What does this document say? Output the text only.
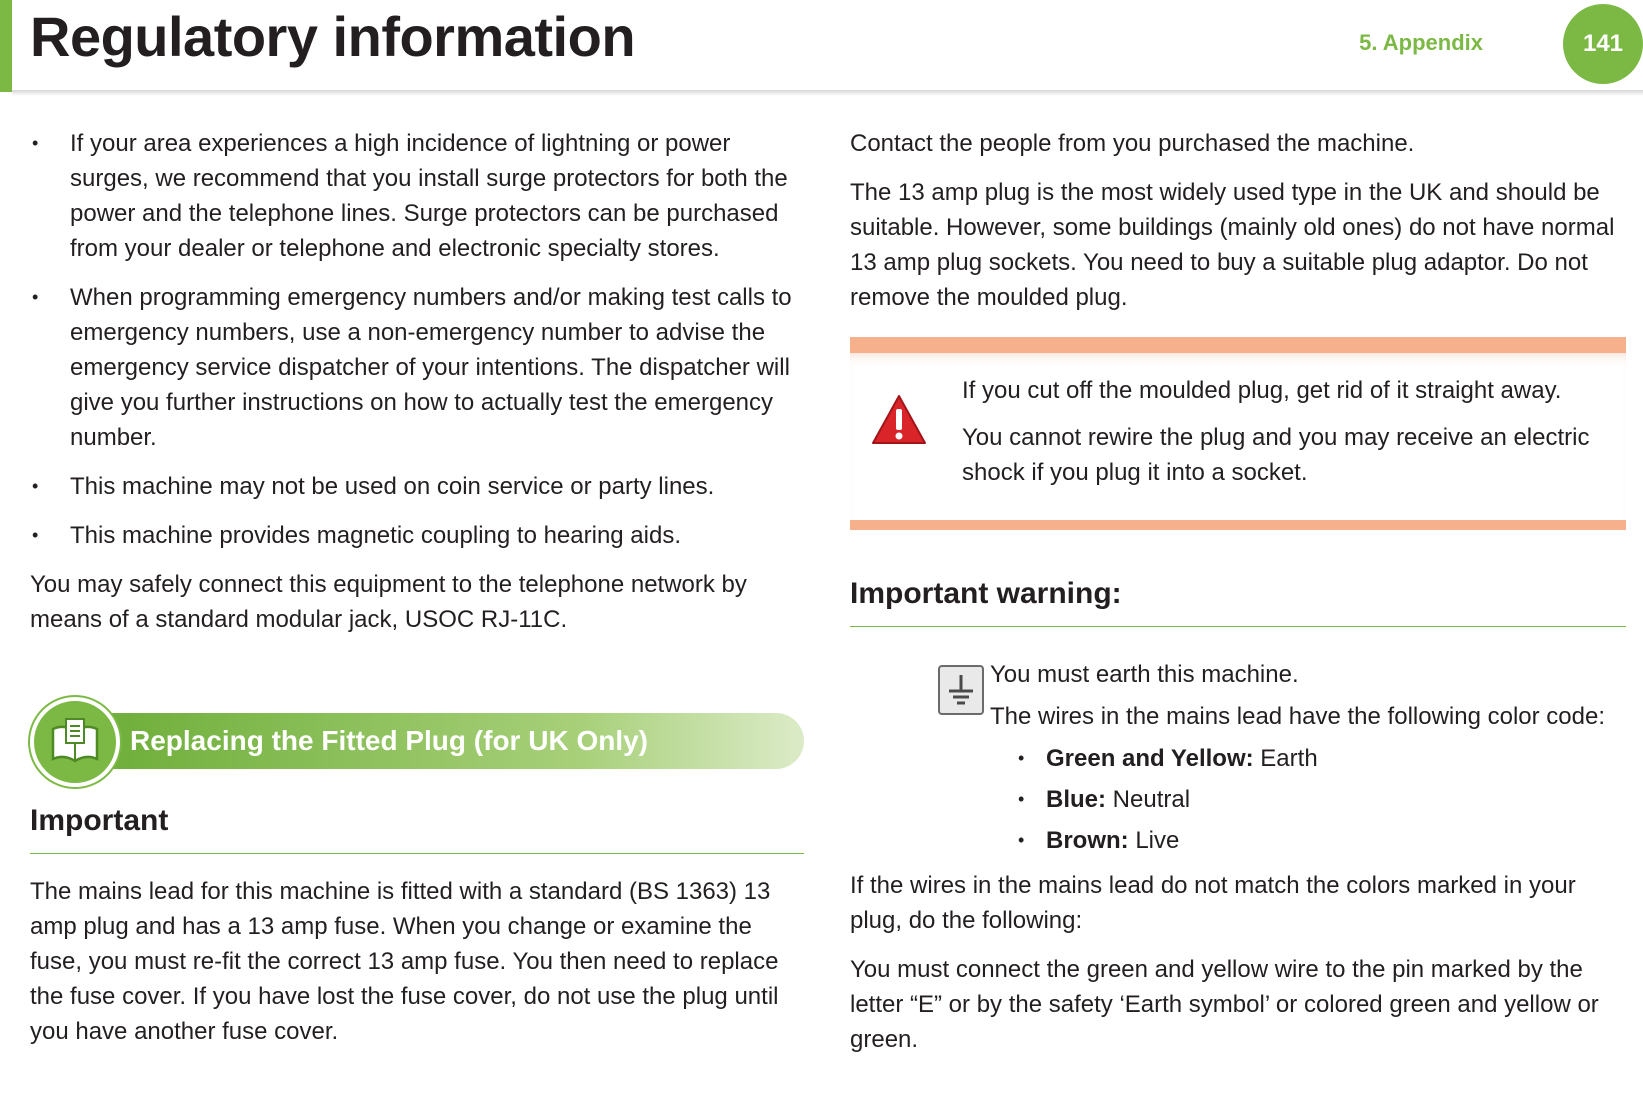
Regulatory information	5. Appendix	141
• If your area experiences a high incidence of lightning or power surges, we recommend that you install surge protectors for both the power and the telephone lines. Surge protectors can be purchased from your dealer or telephone and electronic specialty stores.
• When programming emergency numbers and/or making test calls to emergency numbers, use a non-emergency number to advise the emergency service dispatcher of your intentions. The dispatcher will give you further instructions on how to actually test the emergency number.
• This machine may not be used on coin service or party lines.
• This machine provides magnetic coupling to hearing aids.

You may safely connect this equipment to the telephone network by means of a standard modular jack, USOC RJ-11C.

Replacing the Fitted Plug (for UK Only)
Important

The mains lead for this machine is fitted with a standard (BS 1363) 13 amp plug and has a 13 amp fuse. When you change or examine the fuse, you must re-fit the correct 13 amp fuse. You then need to replace the fuse cover. If you have lost the fuse cover, do not use the plug until you have another fuse cover.

Contact the people from you purchased the machine.

The 13 amp plug is the most widely used type in the UK and should be suitable. However, some buildings (mainly old ones) do not have normal 13 amp plug sockets. You need to buy a suitable plug adaptor. Do not remove the moulded plug.

If you cut off the moulded plug, get rid of it straight away.

You cannot rewire the plug and you may receive an electric shock if you plug it into a socket.

Important warning:

You must earth this machine.

The wires in the mains lead have the following color code:

• Green and Yellow: Earth
• Blue: Neutral
• Brown: Live

If the wires in the mains lead do not match the colors marked in your plug, do the following:

You must connect the green and yellow wire to the pin marked by the letter “E” or by the safety ‘Earth symbol’ or colored green and yellow or green.
